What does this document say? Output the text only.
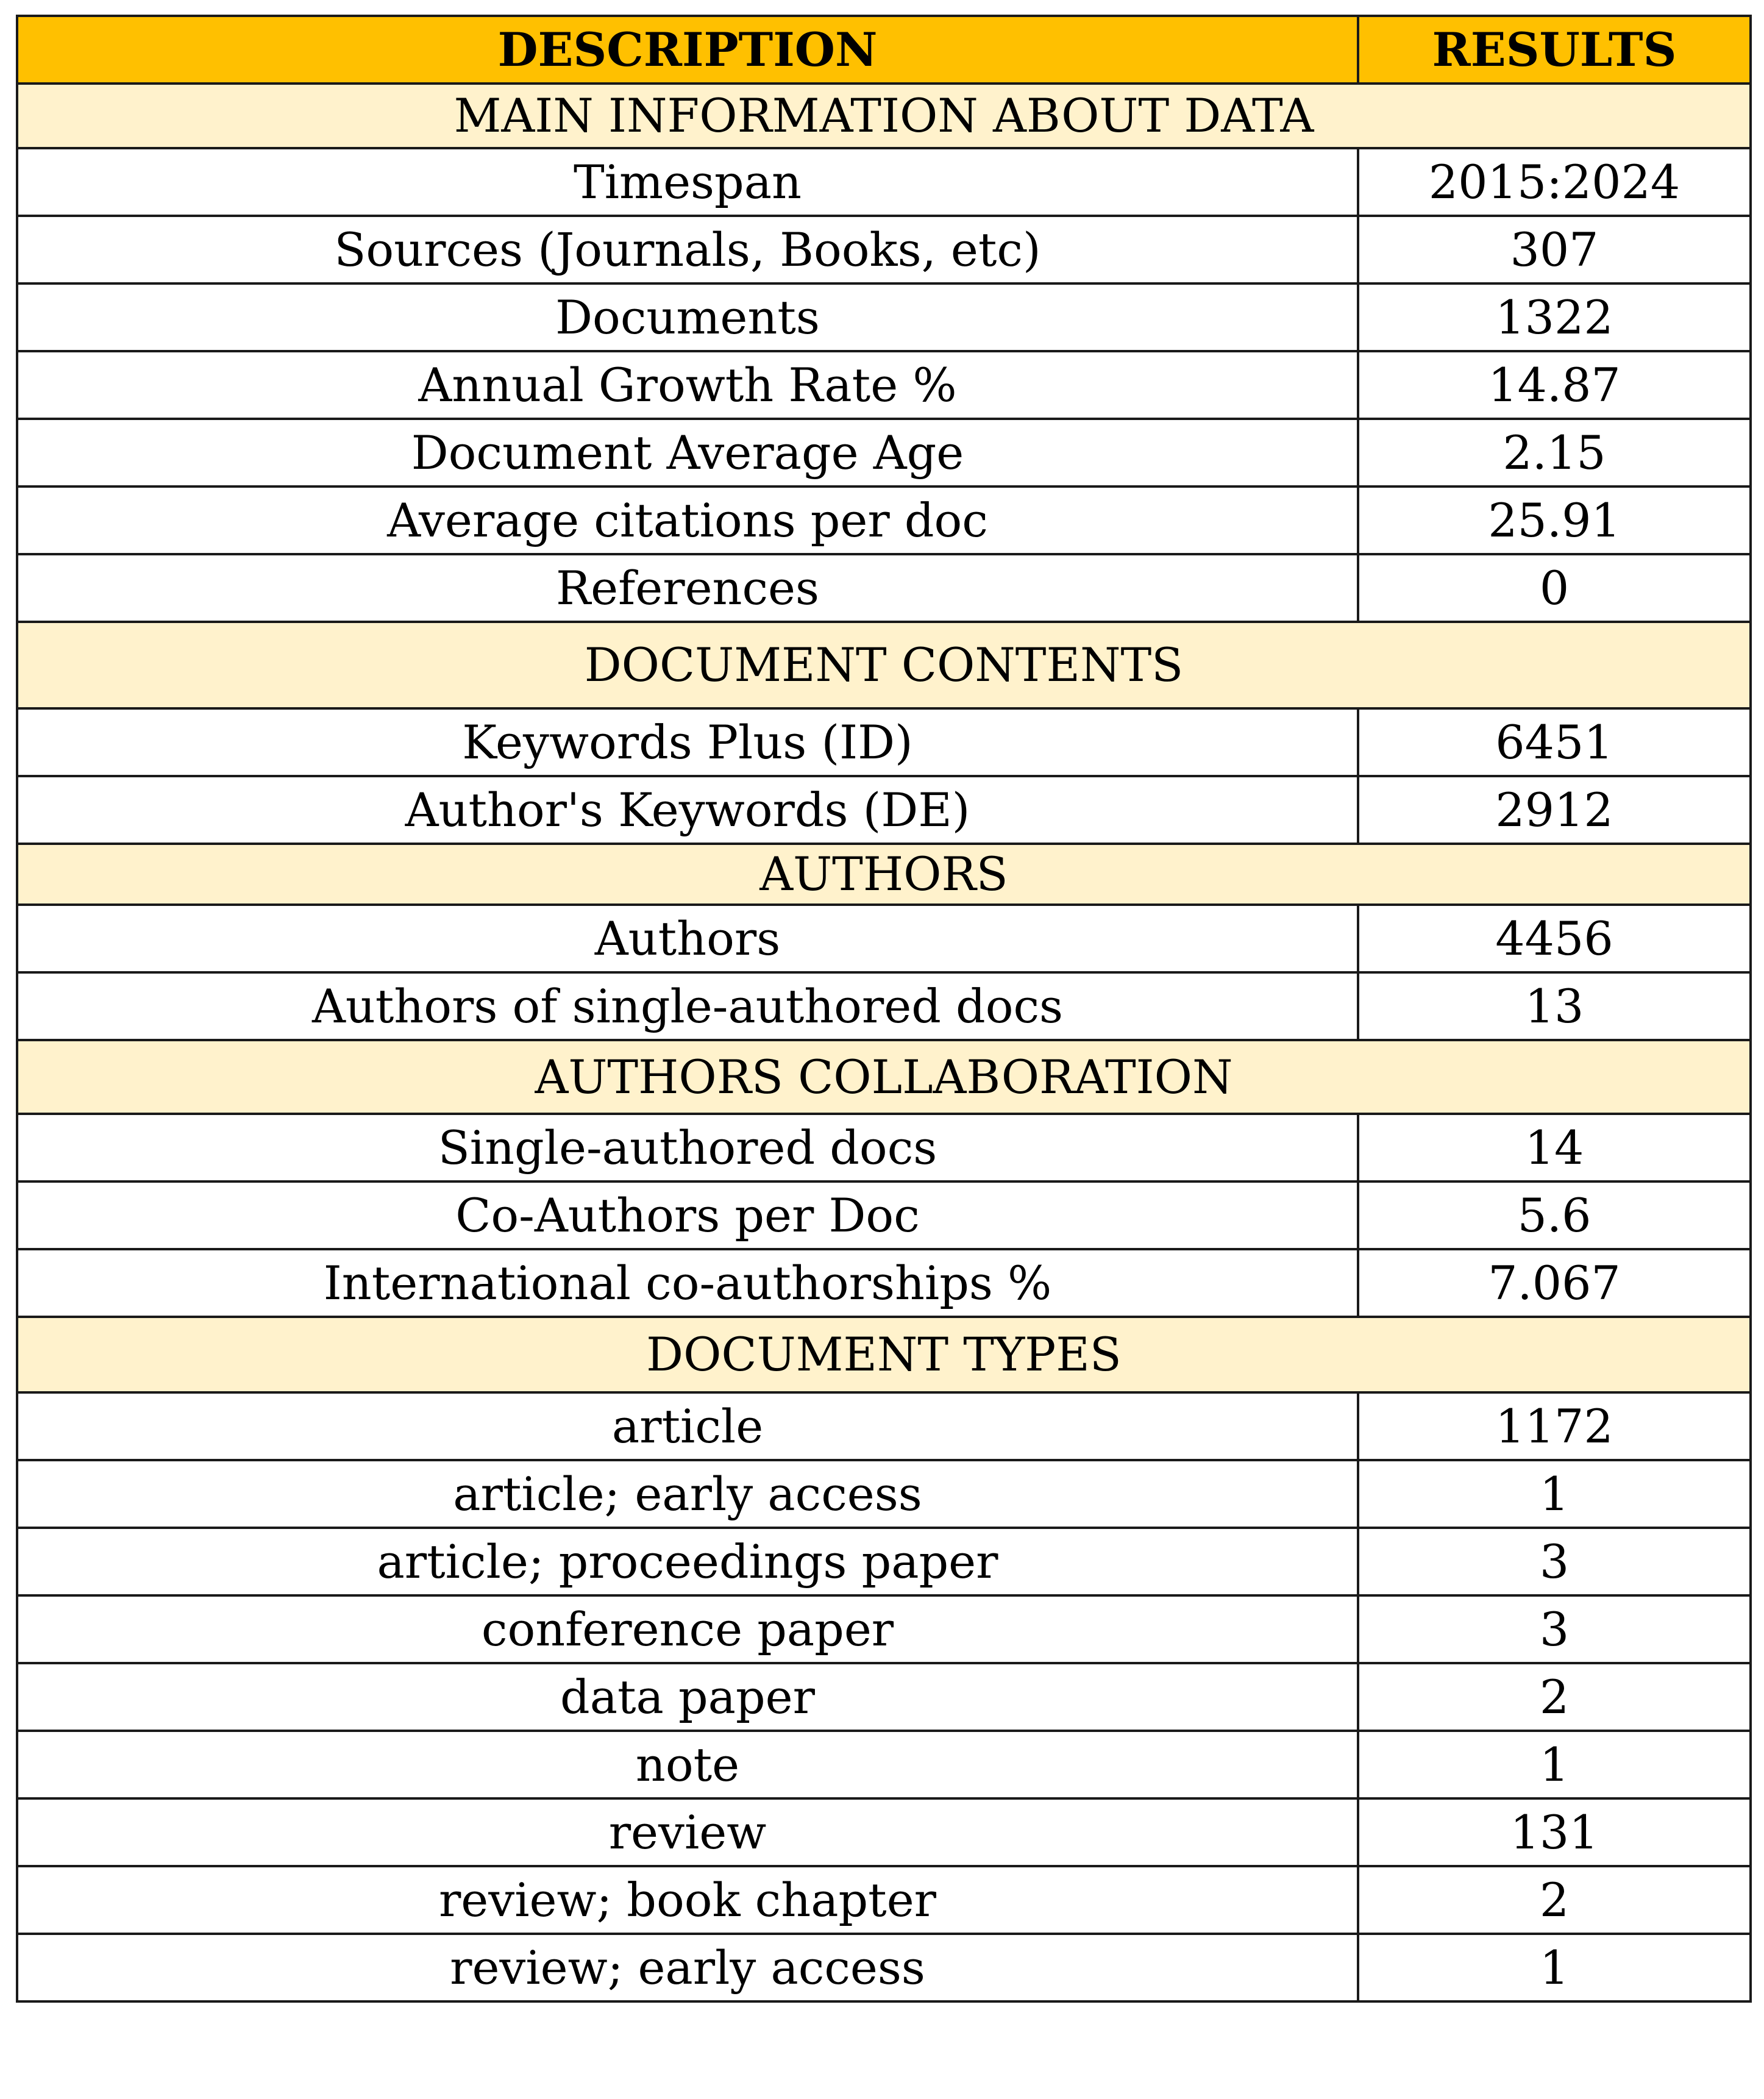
DESCRIPTION	RESULTS
MAIN INFORMATION ABOUT DATA	
Timespan	2015:2024
Sources (Journals, Books, etc)	307
Documents	1322
Annual Growth Rate %	14.87
Document Average Age	2.15
Average citations per doc	25.91
References	0
DOCUMENT CONTENTS	
Keywords Plus (ID)	6451
Author's Keywords (DE)	2912
AUTHORS	
Authors	4456
Authors of single-authored docs	13
AUTHORS COLLABORATION	
Single-authored docs	14
Co-Authors per Doc	5.6
International co-authorships %	7.067
DOCUMENT TYPES	
article	1172
article; early access	1
article; proceedings paper	3
conference paper	3
data paper	2
note	1
review	131
review; book chapter	2
review; early access	1
